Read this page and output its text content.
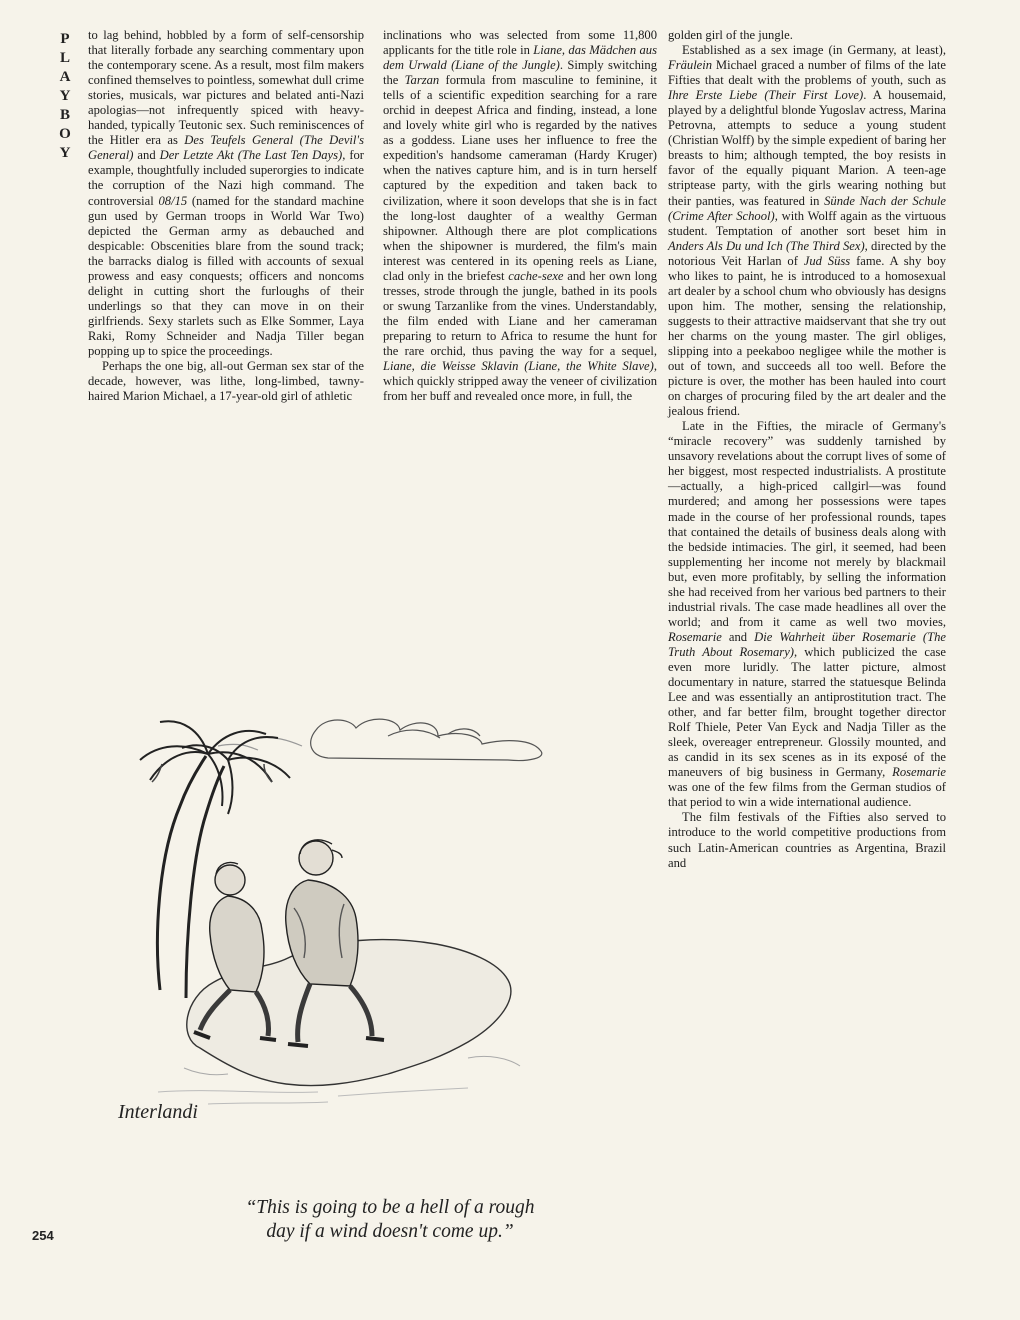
P
L
A
Y
B
O
Y

to lag behind, hobbled by a form of self-censorship that literally forbade any searching commentary upon the contemporary scene. As a result, most film makers confined themselves to pointless, somewhat dull crime stories, musicals, war pictures and belated anti-Nazi apologias—not infrequently spiced with heavy-handed, typically Teutonic sex. Such reminiscences of the Hitler era as Des Teufels General (The Devil's General) and Der Letzte Akt (The Last Ten Days), for example, thoughtfully included superorgies to indicate the corruption of the Nazi high command. The controversial 08/15 (named for the standard machine gun used by German troops in World War Two) depicted the German army as debauched and despicable: Obscenities blare from the sound track; the barracks dialog is filled with accounts of sexual prowess and easy conquests; officers and noncoms delight in cutting short the furloughs of their underlings so that they can move in on their girlfriends. Sexy starlets such as Elke Sommer, Laya Raki, Romy Schneider and Nadja Tiller began popping up to spice the proceedings.

Perhaps the one big, all-out German sex star of the decade, however, was lithe, long-limbed, tawny-haired Marion Michael, a 17-year-old girl of athletic

inclinations who was selected from some 11,800 applicants for the title role in Liane, das Mädchen aus dem Urwald (Liane of the Jungle). Simply switching the Tarzan formula from masculine to feminine, it tells of a scientific expedition searching for a rare orchid in deepest Africa and finding, instead, a lone and lovely white girl who is regarded by the natives as a goddess. Liane uses her influence to free the expedition's handsome cameraman (Hardy Kruger) when the natives capture him, and is in turn herself captured by the expedition and taken back to civilization, where it soon develops that she is in fact the long-lost daughter of a wealthy German shipowner. Although there are plot complications when the shipowner is murdered, the film's main interest was centered in its opening reels as Liane, clad only in the briefest cache-sexe and her own long tresses, strode through the jungle, bathed in its pools or swung Tarzanlike from the vines. Understandably, the film ended with Liane and her cameraman preparing to return to Africa to resume the hunt for the rare orchid, thus paving the way for a sequel, Liane, die Weisse Sklavin (Liane, the White Slave), which quickly stripped away the veneer of civilization from her buff and revealed once more, in full, the

golden girl of the jungle.

Established as a sex image (in Germany, at least), Fräulein Michael graced a number of films of the late Fifties that dealt with the problems of youth, such as Ihre Erste Liebe (Their First Love). A housemaid, played by a delightful blonde Yugoslav actress, Marina Petrovna, attempts to seduce a young student (Christian Wolff) by the simple expedient of baring her breasts to him; although tempted, the boy resists in favor of the equally piquant Marion. A teen-age striptease party, with the girls wearing nothing but their panties, was featured in Sünde Nach der Schule (Crime After School), with Wolff again as the virtuous student. Temptation of another sort beset him in Anders Als Du und Ich (The Third Sex), directed by the notorious Veit Harlan of Jud Süss fame. A shy boy who likes to paint, he is introduced to a homosexual art dealer by a school chum who obviously has designs upon him. The mother, sensing the relationship, suggests to their attractive maidservant that she try out her charms on the young master. The girl obliges, slipping into a peekaboo negligee while the mother is out of town, and succeeds all too well. Before the picture is over, the mother has been hauled into court on charges of procuring filed by the art dealer and the jealous friend.

Late in the Fifties, the miracle of Germany's “miracle recovery” was suddenly tarnished by unsavory revelations about the corrupt lives of some of her biggest, most respected industrialists. A prostitute—actually, a high-priced callgirl—was found murdered; and among her possessions were tapes made in the course of her professional rounds, tapes that contained the details of business deals along with the bedside intimacies. The girl, it seemed, had been supplementing her income not merely by blackmail but, even more profitably, by selling the information she had received from her various bed partners to their industrial rivals. The case made headlines all over the world; and from it came as well two movies, Rosemarie and Die Wahrheit über Rosemarie (The Truth About Rosemary), which publicized the case even more luridly. The latter picture, almost documentary in nature, starred the statuesque Belinda Lee and was essentially an antiprostitution tract. The other, and far better film, brought together director Rolf Thiele, Peter Van Eyck and Nadja Tiller as the sleek, overeager entrepreneur. Glossily mounted, and as candid in its sex scenes as in its exposé of the maneuvers of big business in Germany, Rosemarie was one of the few films from the German studios of that period to win a wide international audience.

The film festivals of the Fifties also served to introduce to the world competitive productions from such Latin-American countries as Argentina, Brazil and

Interlandi
“This is going to be a hell of a rough
day if a wind doesn't come up.”
254
